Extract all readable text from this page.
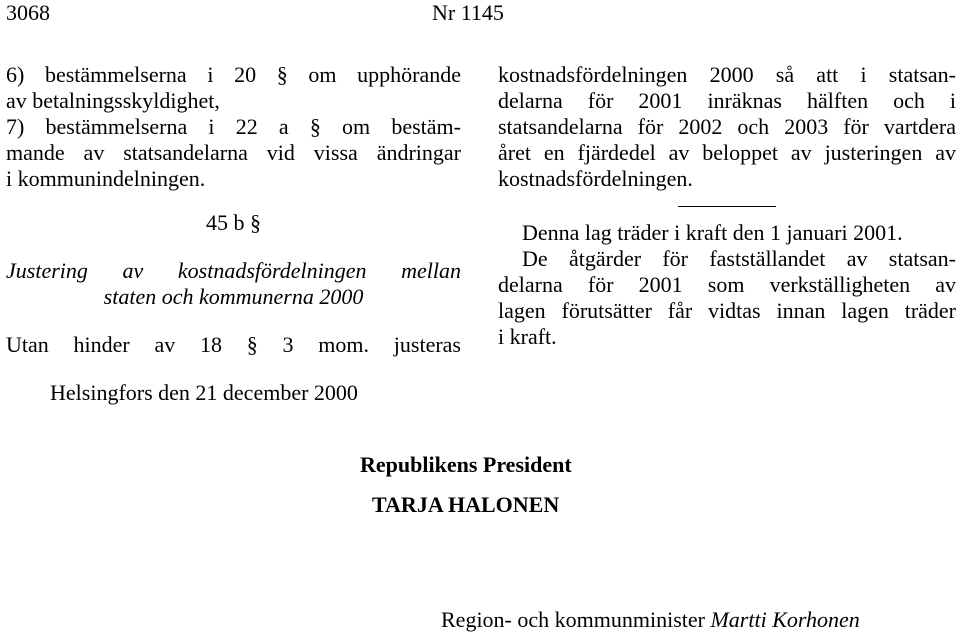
3068	Nr 1145
6) bestämmelserna i 20 § om upphörande
av betalningsskyldighet,
7) bestämmelserna i 22 a § om bestäm-
mande av statsandelarna vid vissa ändringar
i kommunindelningen.
45 b §
Justering av kostnadsfördelningen mellan
staten och kommunerna 2000
Utan hinder av 18 § 3 mom. justeras
kostnadsfördelningen 2000 så att i statsan-
delarna för 2001 inräknas hälften och i
statsandelarna för 2002 och 2003 för vartdera
året en fjärdedel av beloppet av justeringen av
kostnadsfördelningen.
Denna lag träder i kraft den 1 januari 2001.
De åtgärder för fastställandet av statsan-
delarna för 2001 som verkställigheten av
lagen förutsätter får vidtas innan lagen träder
i kraft.
Helsingfors den 21 december 2000
Republikens President
TARJA HALONEN
Region- och kommunminister Martti Korhonen
